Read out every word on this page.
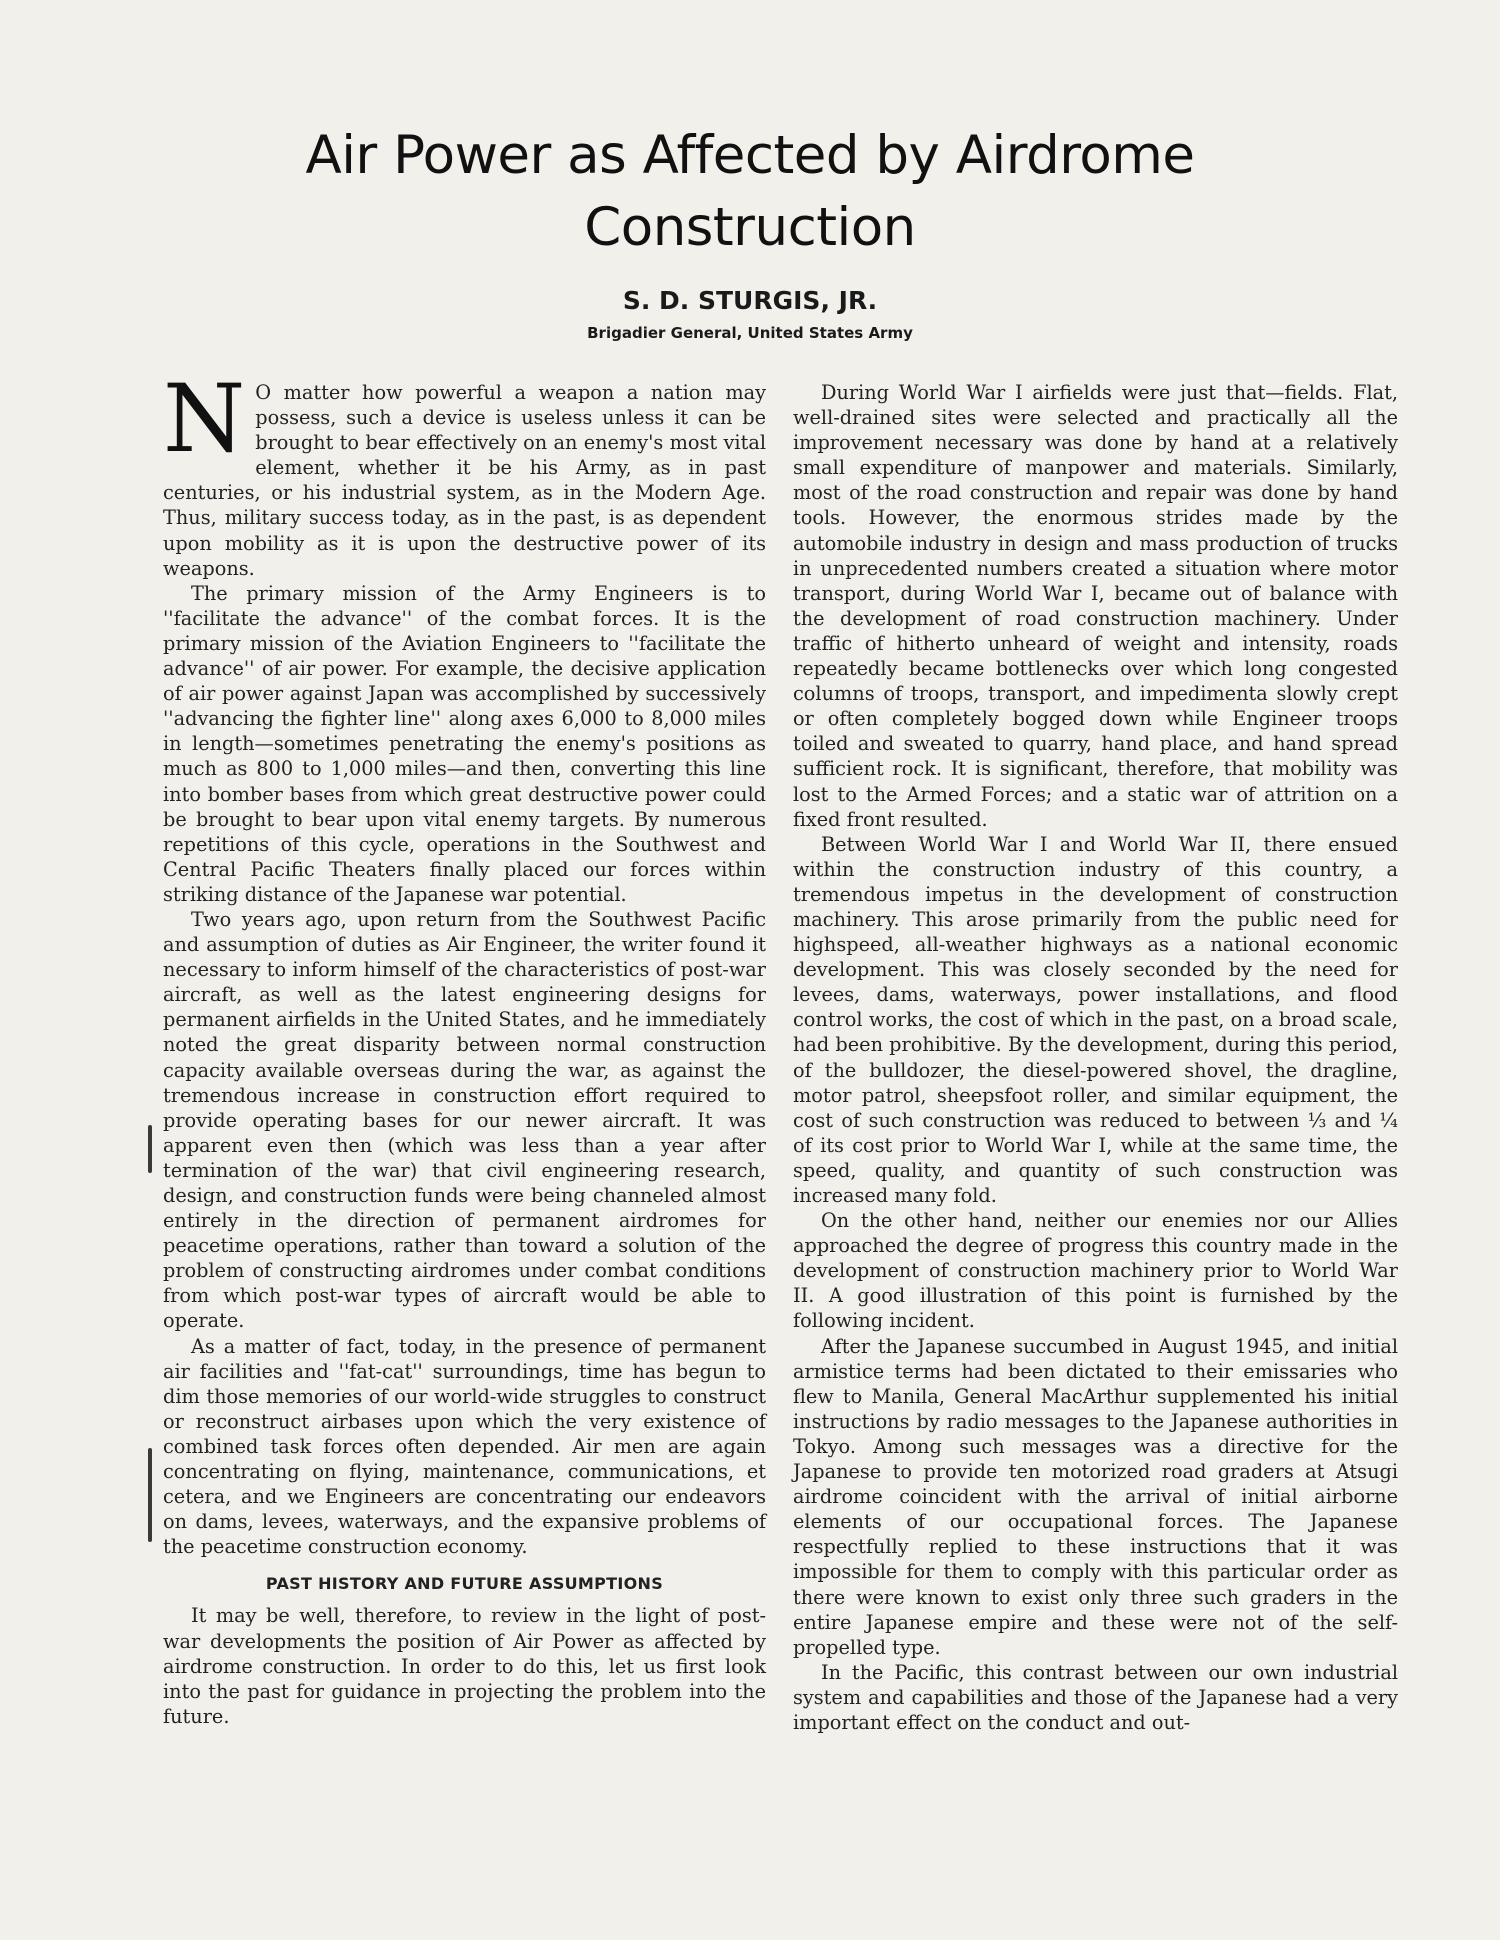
Air Power as Affected by Airdrome
Construction
S. D. STURGIS, JR.
Brigadier General, United States Army

N O matter how powerful a weapon a nation may possess, such a device is useless unless it can be brought to bear effectively on an enemy's most vital element, whether it be his Army, as in past centuries, or his industrial system, as in the Modern Age. Thus, military success today, as in the past, is as dependent upon mobility as it is upon the destructive power of its weapons.

The primary mission of the Army Engineers is to ''facilitate the advance'' of the combat forces. It is the primary mission of the Aviation Engineers to ''facilitate the advance'' of air power. For example, the decisive application of air power against Japan was accomplished by successively ''advancing the fighter line'' along axes 6,000 to 8,000 miles in length—sometimes penetrating the enemy's positions as much as 800 to 1,000 miles—and then, converting this line into bomber bases from which great destructive power could be brought to bear upon vital enemy targets. By numerous repetitions of this cycle, operations in the Southwest and Central Pacific Theaters finally placed our forces within striking distance of the Japanese war potential.

Two years ago, upon return from the Southwest Pacific and assumption of duties as Air Engineer, the writer found it necessary to inform himself of the characteristics of post-war aircraft, as well as the latest engineering designs for permanent airfields in the United States, and he immediately noted the great disparity between normal construction capacity available overseas during the war, as against the tremendous increase in construction effort required to provide operating bases for our newer aircraft. It was apparent even then (which was less than a year after termination of the war) that civil engineering research, design, and construction funds were being channeled almost entirely in the direction of permanent airdromes for peacetime operations, rather than toward a solution of the problem of constructing airdromes under combat conditions from which post-war types of aircraft would be able to operate.

As a matter of fact, today, in the presence of permanent air facilities and ''fat-cat'' surroundings, time has begun to dim those memories of our world-wide struggles to construct or reconstruct airbases upon which the very existence of combined task forces often depended. Air men are again concentrating on flying, maintenance, communications, et cetera, and we Engineers are concentrating our endeavors on dams, levees, waterways, and the expansive problems of the peacetime construction economy.

PAST HISTORY AND FUTURE ASSUMPTIONS

It may be well, therefore, to review in the light of post-war developments the position of Air Power as affected by airdrome construction. In order to do this, let us first look into the past for guidance in projecting the problem into the future.

During World War I airfields were just that—fields. Flat, well-drained sites were selected and practically all the improvement necessary was done by hand at a relatively small expenditure of manpower and materials. Similarly, most of the road construction and repair was done by hand tools. However, the enormous strides made by the automobile industry in design and mass production of trucks in unprecedented numbers created a situation where motor transport, during World War I, became out of balance with the development of road construction machinery. Under traffic of hitherto unheard of weight and intensity, roads repeatedly became bottlenecks over which long congested columns of troops, transport, and impedimenta slowly crept or often completely bogged down while Engineer troops toiled and sweated to quarry, hand place, and hand spread sufficient rock. It is significant, therefore, that mobility was lost to the Armed Forces; and a static war of attrition on a fixed front resulted.

Between World War I and World War II, there ensued within the construction industry of this country, a tremendous impetus in the development of construction machinery. This arose primarily from the public need for highspeed, all-weather highways as a national economic development. This was closely seconded by the need for levees, dams, waterways, power installations, and flood control works, the cost of which in the past, on a broad scale, had been prohibitive. By the development, during this period, of the bulldozer, the diesel-powered shovel, the dragline, motor patrol, sheepsfoot roller, and similar equipment, the cost of such construction was reduced to between ⅓ and ¼ of its cost prior to World War I, while at the same time, the speed, quality, and quantity of such construction was increased many fold.

On the other hand, neither our enemies nor our Allies approached the degree of progress this country made in the development of construction machinery prior to World War II. A good illustration of this point is furnished by the following incident.

After the Japanese succumbed in August 1945, and initial armistice terms had been dictated to their emissaries who flew to Manila, General MacArthur supplemented his initial instructions by radio messages to the Japanese authorities in Tokyo. Among such messages was a directive for the Japanese to provide ten motorized road graders at Atsugi airdrome coincident with the arrival of initial airborne elements of our occupational forces. The Japanese respectfully replied to these instructions that it was impossible for them to comply with this particular order as there were known to exist only three such graders in the entire Japanese empire and these were not of the self-propelled type.

In the Pacific, this contrast between our own industrial system and capabilities and those of the Japanese had a very important effect on the conduct and out-
